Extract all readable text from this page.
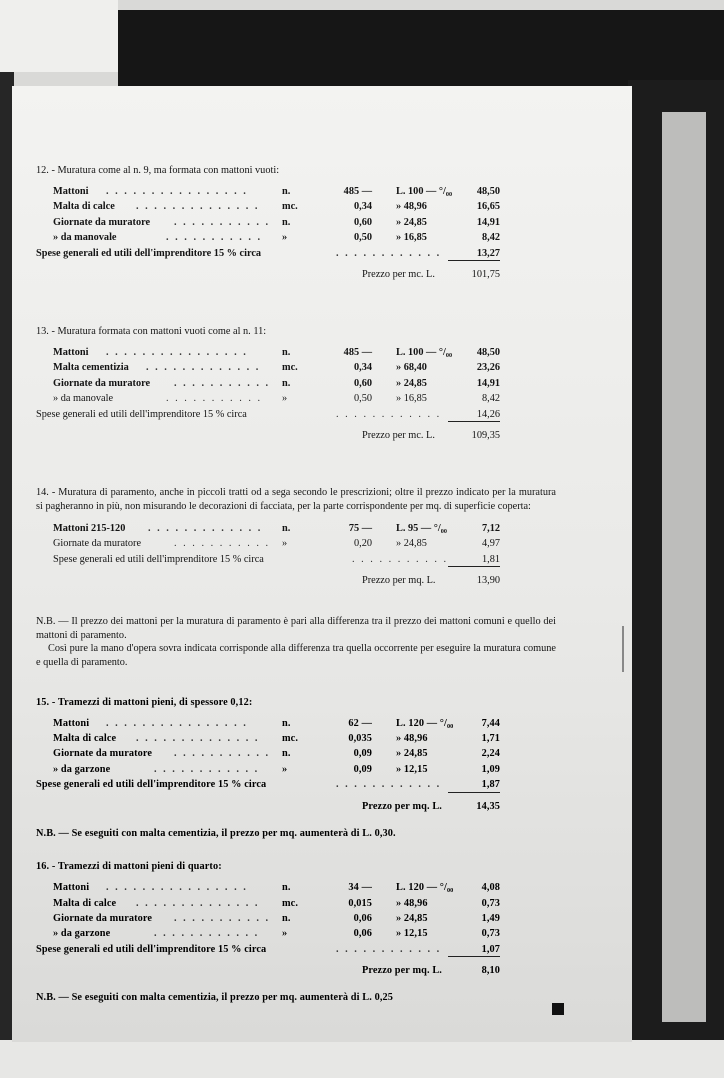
12. - Muratura come al n. 9, ma formata con mattoni vuoti:
Mattoni . . . . . . . . . . . . . . . .	n.	485 — L. 100 — °/₀₀	48,50
Malta di calce . . . . . . . . . . . . . . mc.	0,34 » 48,96	16,65
Giornate da muratore . . . . . . . . . . . n.	0,60 » 24,85	14,91
» da manovale	. . . . . . . . . . . »	0,50 » 16,85	8,42
Spese generali ed utili dell'imprenditore 15 % circa	. . . . . . . . . . . .	13,27
Prezzo per mc. L.	101,75
13. - Muratura formata con mattoni vuoti come al n. 11:
Mattoni . . . . . . . . . . . . . . . .	n.	485 — L. 100 — °/₀₀	48,50
Malta cementizia . . . . . . . . . . . . . mc.	0,34 » 68,40	23,26
Giornate da muratore . . . . . . . . . . . n.	0,60 » 24,85	14,91
» da manovale	. . . . . . . . . . . »	0,50 » 16,85	8,42
Spese generali ed utili dell'imprenditore 15 % circa	. . . . . . . . . . . .	14,26
Prezzo per mc. L.	109,35
14. - Muratura di paramento, anche in piccoli tratti od a sega secondo le prescrizioni; oltre il prezzo indicato per la muratura si pagheranno in più, non misurando le decorazioni di facciata, per la parte corrispondente per mq. di superficie coperta:
Mattoni 215-120 . . . . . . . . . . . . . n.	75 — L. 95 — °/₀₀	7,12
Giornate da muratore	. . . . . . . . . . . »	0,20 » 24,85	4,97
Spese generali ed utili dell'imprenditore 15 % circa	. . . . . . . . . . .	1,81
Prezzo per mq. L.	13,90
N.B. — Il prezzo dei mattoni per la muratura di paramento è pari alla differenza tra il prezzo dei mattoni comuni e quello dei mattoni di paramento.
Così pure la mano d'opera sovra indicata corrisponde alla differenza tra quella occorrente per eseguire la muratura comune e quella di paramento.
15. - Tramezzi di mattoni pieni, di spessore 0,12:
Mattoni . . . . . . . . . . . . . . . .	n.	62 — L. 120 — °/₀₀	7,44
Malta di calce . . . . . . . . . . . . . . mc.	0,035 » 48,96	1,71
Giornate da muratore . . . . . . . . . . . n.	0,09 » 24,85	2,24
» da garzone	. . . . . . . . . . . . »	0,09 » 12,15	1,09
Spese generali ed utili dell'imprenditore 15 % circa	. . . . . . . . . . . .	1,87
Prezzo per mq. L.	14,35
N.B. — Se eseguiti con malta cementizia, il prezzo per mq. aumenterà di L. 0,30.
16. - Tramezzi di mattoni pieni di quarto:
Mattoni . . . . . . . . . . . . . . . .	n.	34 — L. 120 — °/₀₀	4,08
Malta di calce . . . . . . . . . . . . . . mc.	0,015 » 48,96	0,73
Giornate da muratore . . . . . . . . . . . n.	0,06 » 24,85	1,49
» da garzone	. . . . . . . . . . . . »	0,06 » 12,15	0,73
Spese generali ed utili dell'imprenditore 15 % circa	. . . . . . . . . . . .	1,07
Prezzo per mq. L.	8,10
N.B. — Se eseguiti con malta cementizia, il prezzo per mq. aumenterà di L. 0,25
